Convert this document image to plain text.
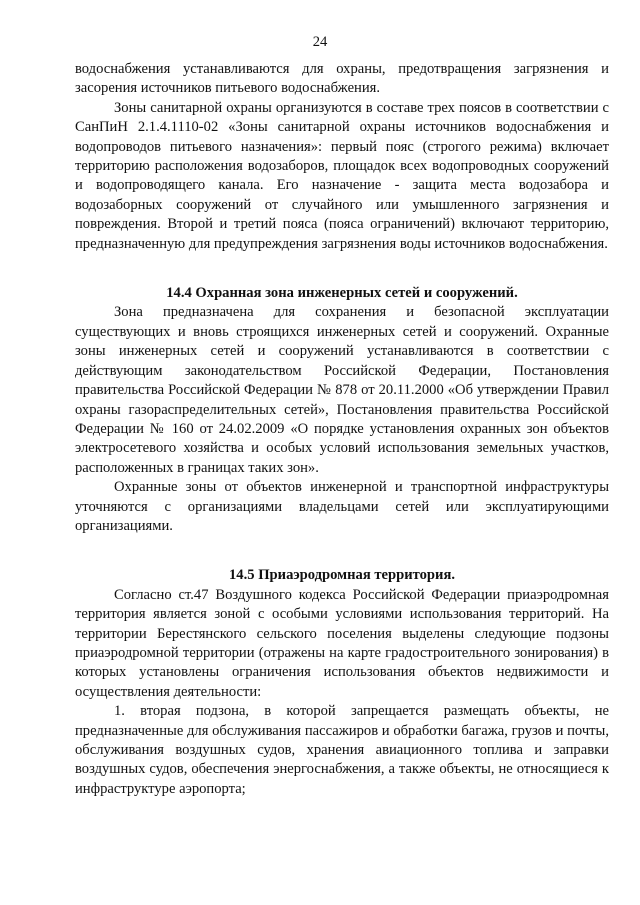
24

водоснабжения устанавливаются для охраны, предотвращения загрязнения и засорения источников питьевого водоснабжения.

Зоны санитарной охраны организуются в составе трех поясов в соответствии с СанПиН 2.1.4.1110-02 «Зоны санитарной охраны источников водоснабжения и водопроводов питьевого назначения»: первый пояс (строгого режима) включает территорию расположения водозаборов, площадок всех водопроводных сооружений и водопроводящего канала. Его назначение - защита места водозабора и водозаборных сооружений от случайного или умышленного загрязнения и повреждения. Второй и третий пояса (пояса ограничений) включают территорию, предназначенную для предупреждения загрязнения воды источников водоснабжения.

14.4 Охранная зона инженерных сетей и сооружений.

Зона предназначена для сохранения и безопасной эксплуатации существующих и вновь строящихся инженерных сетей и сооружений. Охранные зоны инженерных сетей и сооружений устанавливаются в соответствии с действующим законодательством Российской Федерации, Постановления правительства Российской Федерации № 878 от 20.11.2000 «Об утверждении Правил охраны газораспределительных сетей», Постановления правительства Российской Федерации № 160 от 24.02.2009 «О порядке установления охранных зон объектов электросетевого хозяйства и особых условий использования земельных участков, расположенных в границах таких зон».

Охранные зоны от объектов инженерной и транспортной инфраструктуры уточняются с организациями владельцами сетей или эксплуатирующими организациями.

14.5 Приаэродромная территория.

Согласно ст.47 Воздушного кодекса Российской Федерации приаэродромная территория является зоной с особыми условиями использования территорий. На территории Берестянского сельского поселения выделены следующие подзоны приаэродромной территории (отражены на карте градостроительного зонирования) в которых установлены ограничения использования объектов недвижимости и осуществления деятельности:

1. вторая подзона, в которой запрещается размещать объекты, не предназначенные для обслуживания пассажиров и обработки багажа, грузов и почты, обслуживания воздушных судов, хранения авиационного топлива и заправки воздушных судов, обеспечения энергоснабжения, а также объекты, не относящиеся к инфраструктуре аэропорта;
